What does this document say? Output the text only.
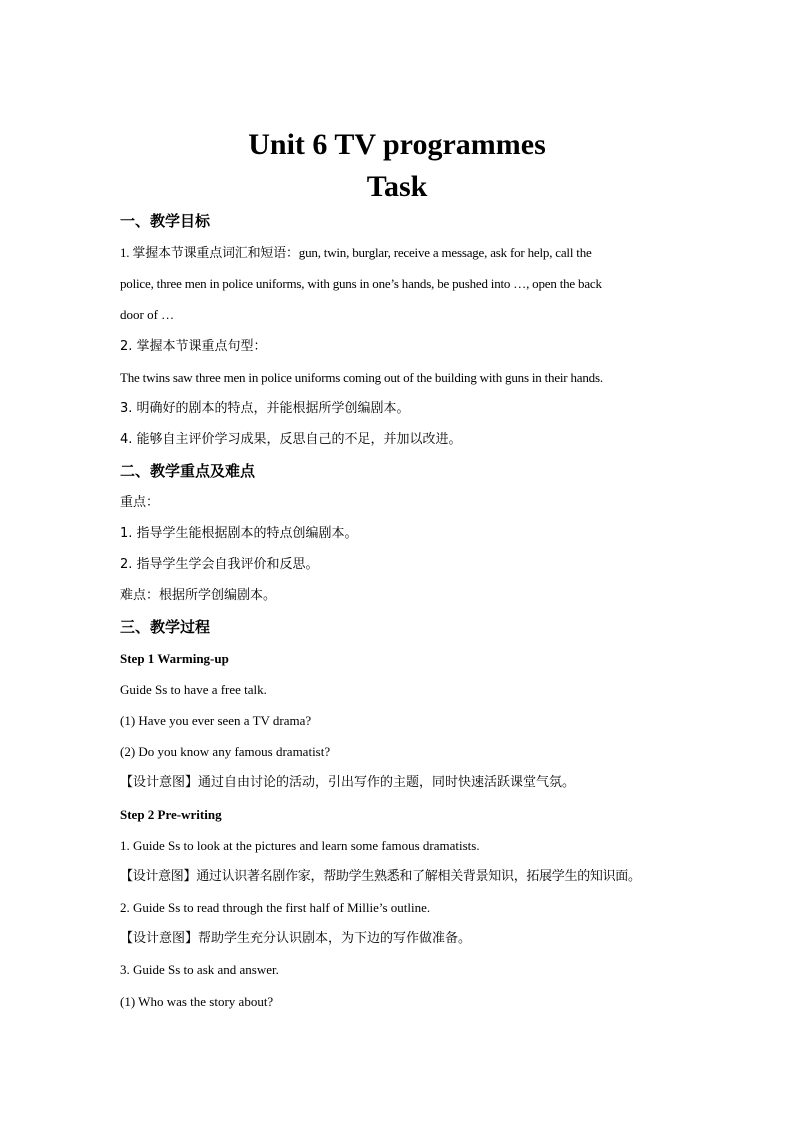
Unit 6 TV programmes
Task
一、教学目标
1. 掌握本节课重点词汇和短语：gun, twin, burglar, receive a message, ask for help, call the
police, three men in police uniforms, with guns in one’s hands, be pushed into …, open the back
door of …
2. 掌握本节课重点句型：
The twins saw three men in police uniforms coming out of the building with guns in their hands.
3. 明确好的剧本的特点，并能根据所学创编剧本。
4. 能够自主评价学习成果，反思自己的不足，并加以改进。
二、教学重点及难点
重点：
1. 指导学生能根据剧本的特点创编剧本。
2. 指导学生学会自我评价和反思。
难点：根据所学创编剧本。
三、教学过程
Step 1 Warming-up
Guide Ss to have a free talk.
(1) Have you ever seen a TV drama?
(2) Do you know any famous dramatist?
【设计意图】通过自由讨论的活动，引出写作的主题，同时快速活跃课堂气氛。
Step 2 Pre-writing
1. Guide Ss to look at the pictures and learn some famous dramatists.
【设计意图】通过认识著名剧作家，帮助学生熟悉和了解相关背景知识，拓展学生的知识面。
2. Guide Ss to read through the first half of Millie’s outline.
【设计意图】帮助学生充分认识剧本，为下边的写作做准备。
3. Guide Ss to ask and answer.
(1) Who was the story about?
